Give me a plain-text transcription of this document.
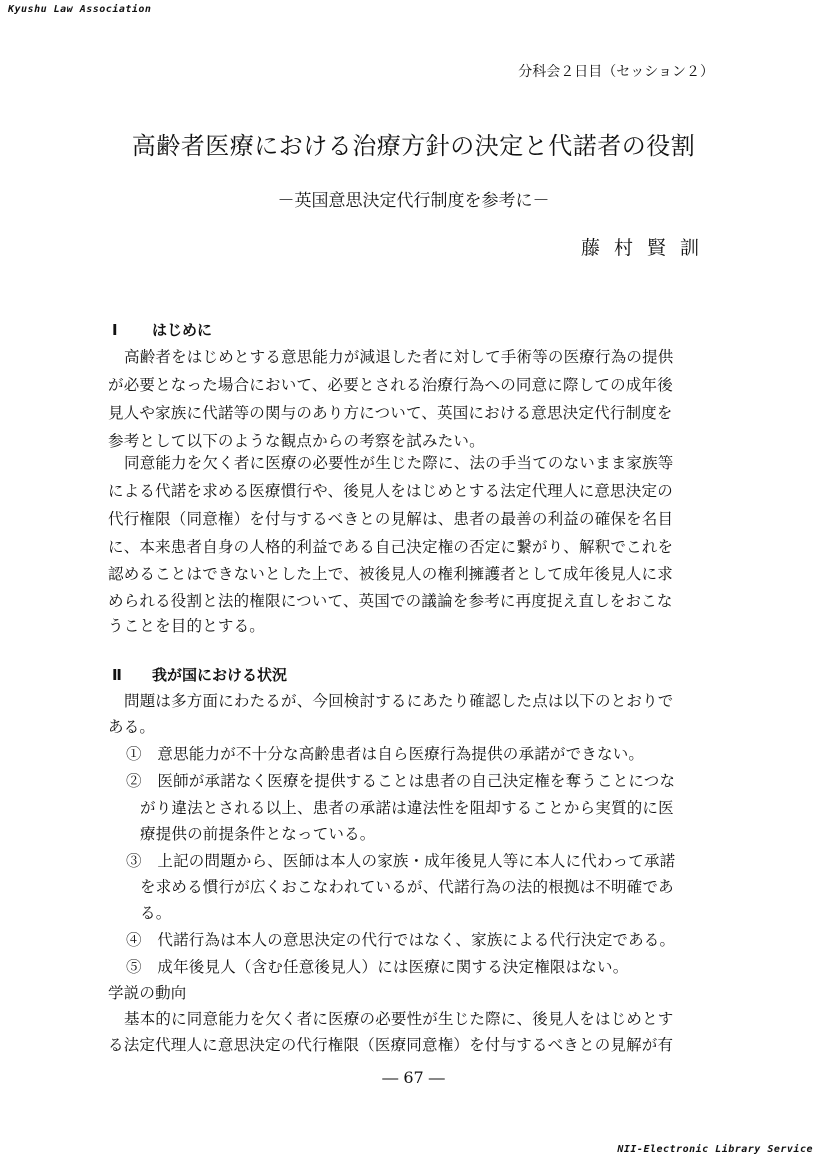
Kyushu Law Association
分科会２日目（セッション２）
高齢者医療における治療方針の決定と代諾者の役割
－英国意思決定代行制度を参考に－
藤村賢訓
Ⅰ はじめに
高齢者をはじめとする意思能力が減退した者に対して手術等の医療行為の提供
が必要となった場合において、必要とされる治療行為への同意に際しての成年後
見人や家族に代諾等の関与のあり方について、英国における意思決定代行制度を
参考として以下のような観点からの考察を試みたい。
同意能力を欠く者に医療の必要性が生じた際に、法の手当てのないまま家族等
による代諾を求める医療慣行や、後見人をはじめとする法定代理人に意思決定の
代行権限（同意権）を付与するべきとの見解は、患者の最善の利益の確保を名目
に、本来患者自身の人格的利益である自己決定権の否定に繋がり、解釈でこれを
認めることはできないとした上で、被後見人の権利擁護者として成年後見人に求
められる役割と法的権限について、英国での議論を参考に再度捉え直しをおこな
うことを目的とする。
Ⅱ 我が国における状況
問題は多方面にわたるが、今回検討するにあたり確認した点は以下のとおりで
ある。
①　意思能力が不十分な高齢患者は自ら医療行為提供の承諾ができない。
②　医師が承諾なく医療を提供することは患者の自己決定権を奪うことにつな
がり違法とされる以上、患者の承諾は違法性を阻却することから実質的に医
療提供の前提条件となっている。
③　上記の問題から、医師は本人の家族・成年後見人等に本人に代わって承諾
を求める慣行が広くおこなわれているが、代諾行為の法的根拠は不明確であ
る。
④　代諾行為は本人の意思決定の代行ではなく、家族による代行決定である。
⑤　成年後見人（含む任意後見人）には医療に関する決定権限はない。
学説の動向
基本的に同意能力を欠く者に医療の必要性が生じた際に、後見人をはじめとす
る法定代理人に意思決定の代行権限（医療同意権）を付与するべきとの見解が有
― 67 ―
NII-Electronic Library Service
